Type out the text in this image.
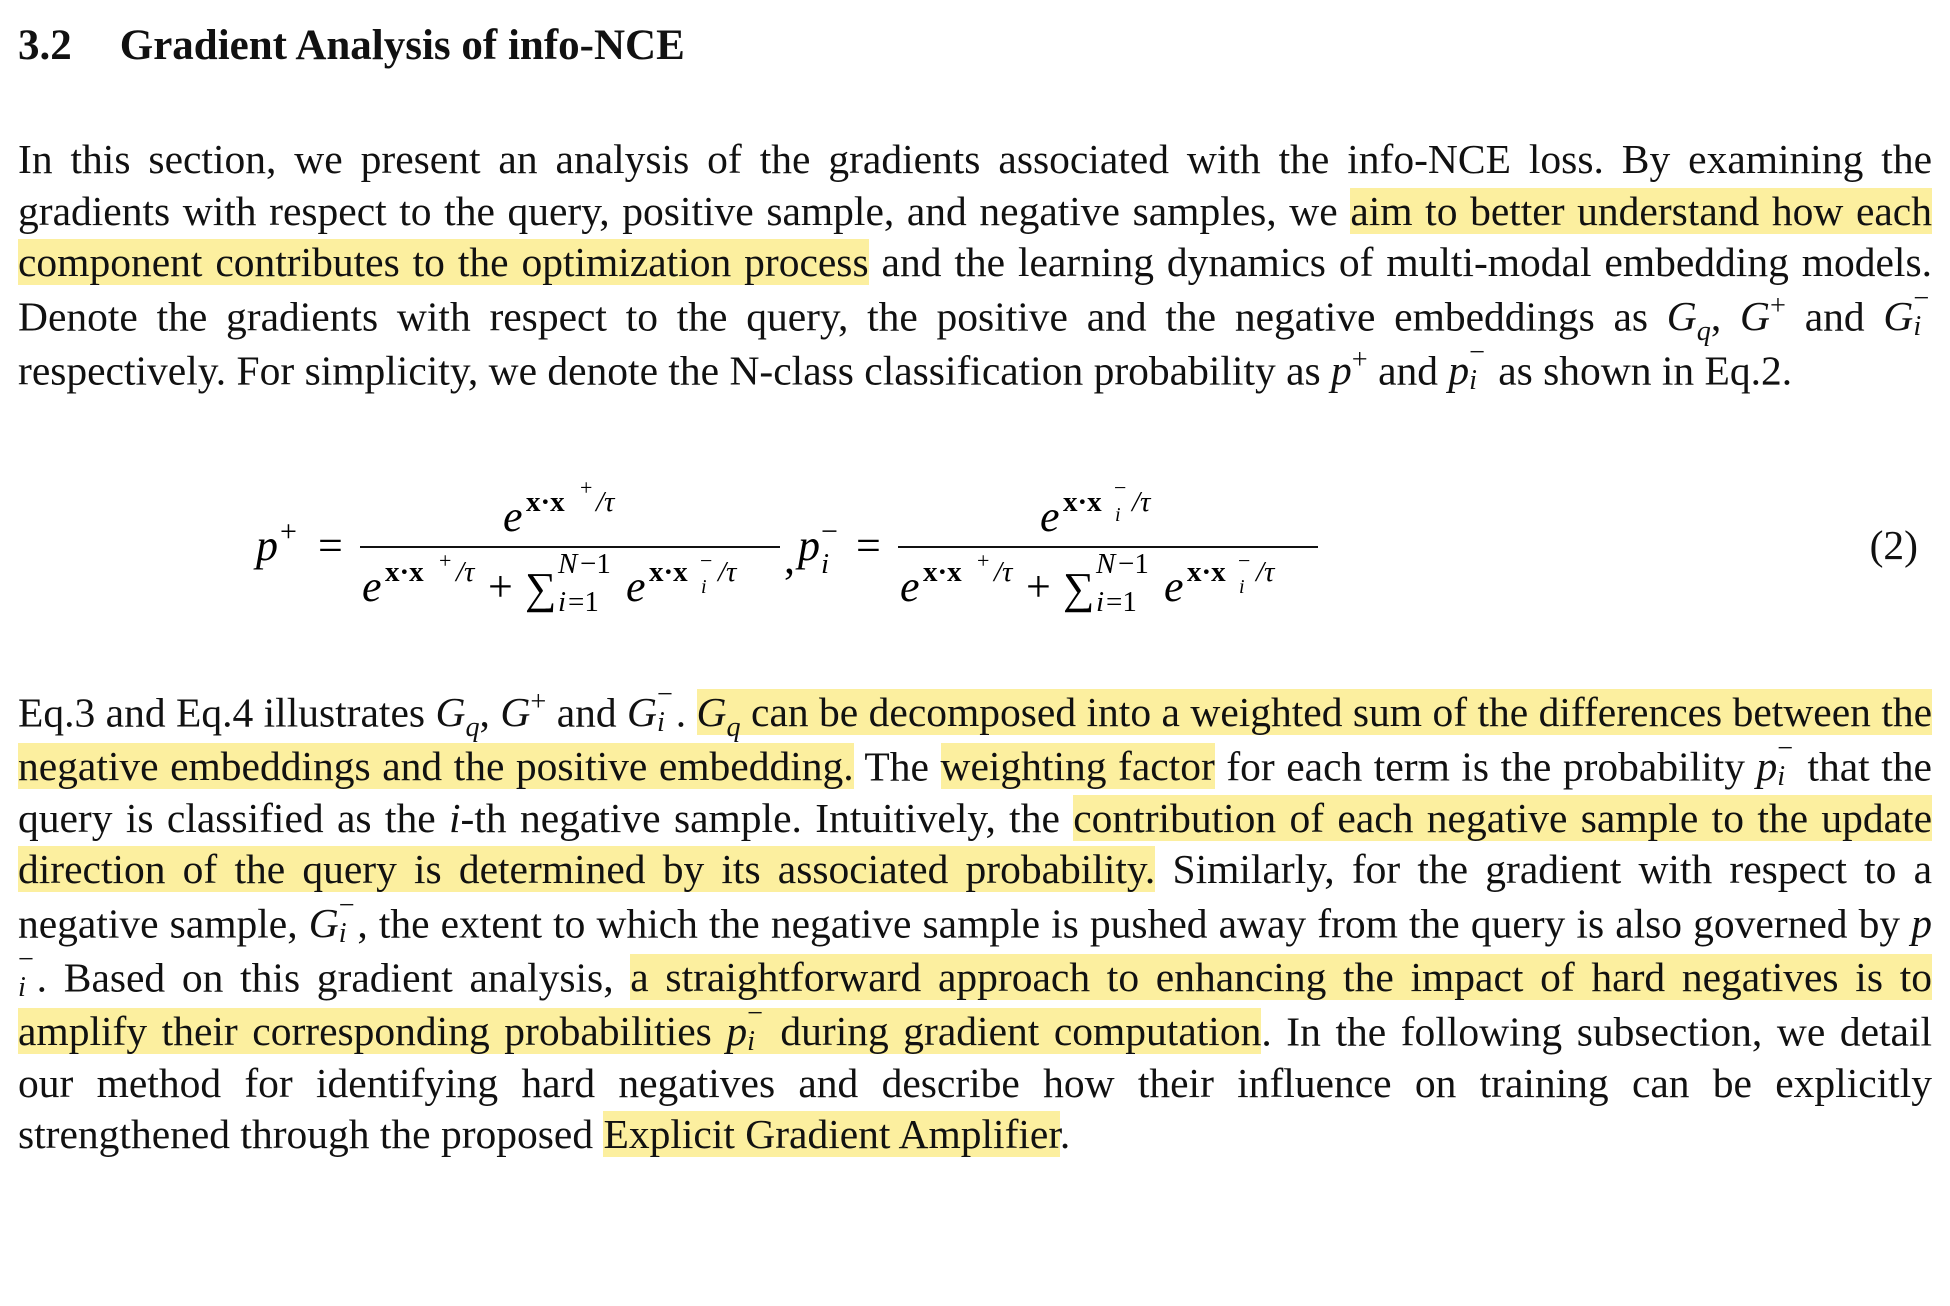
3.2 Gradient Analysis of info-NCE

In this section, we present an analysis of the gradients associated with the info-NCE loss. By examining the gradients with respect to the query, positive sample, and negative samples, we aim to better understand how each component contributes to the optimization process and the learning dynamics of multi-modal embedding models. Denote the gradients with respect to the query, the positive and the negative embeddings as $G_q$, G+ and G −
i
respectively. For simplicity, we denote the N-class classification probability as p+ and p −
i as shown in Eq.2.

p + =
e x·x + /τ
e x·x + /τ + ∑ N −1
i =1 e x·x −
i /τ , p −
i =
e x·x −
i /τ
e x·x + /τ + ∑ N −1
i =1 e x·x −
i /τ
(2)

Eq.3 and Eq.4 illustrates $G_q$, G+ and G −
i . $G_q$ can be decomposed into a weighted sum of the differences between the negative embeddings and the positive embedding. The weighting factor for each term is the probability p −
i that the query is classified as the i-th negative sample. Intuitively, the contribution of each negative sample to the update direction of the query is determined by its associated probability. Similarly, for the gradient with respect to a negative sample, G −
i , the extent to which the negative sample is pushed away from the query is also governed by p
−
i . Based on this gradient analysis, a straightforward approach to enhancing the impact of hard negatives is to amplify their corresponding probabilities p −
i during gradient computation. In the following subsection, we detail our method for identifying hard negatives and describe how their influence on training can be explicitly strengthened through the proposed Explicit Gradient Amplifier.
